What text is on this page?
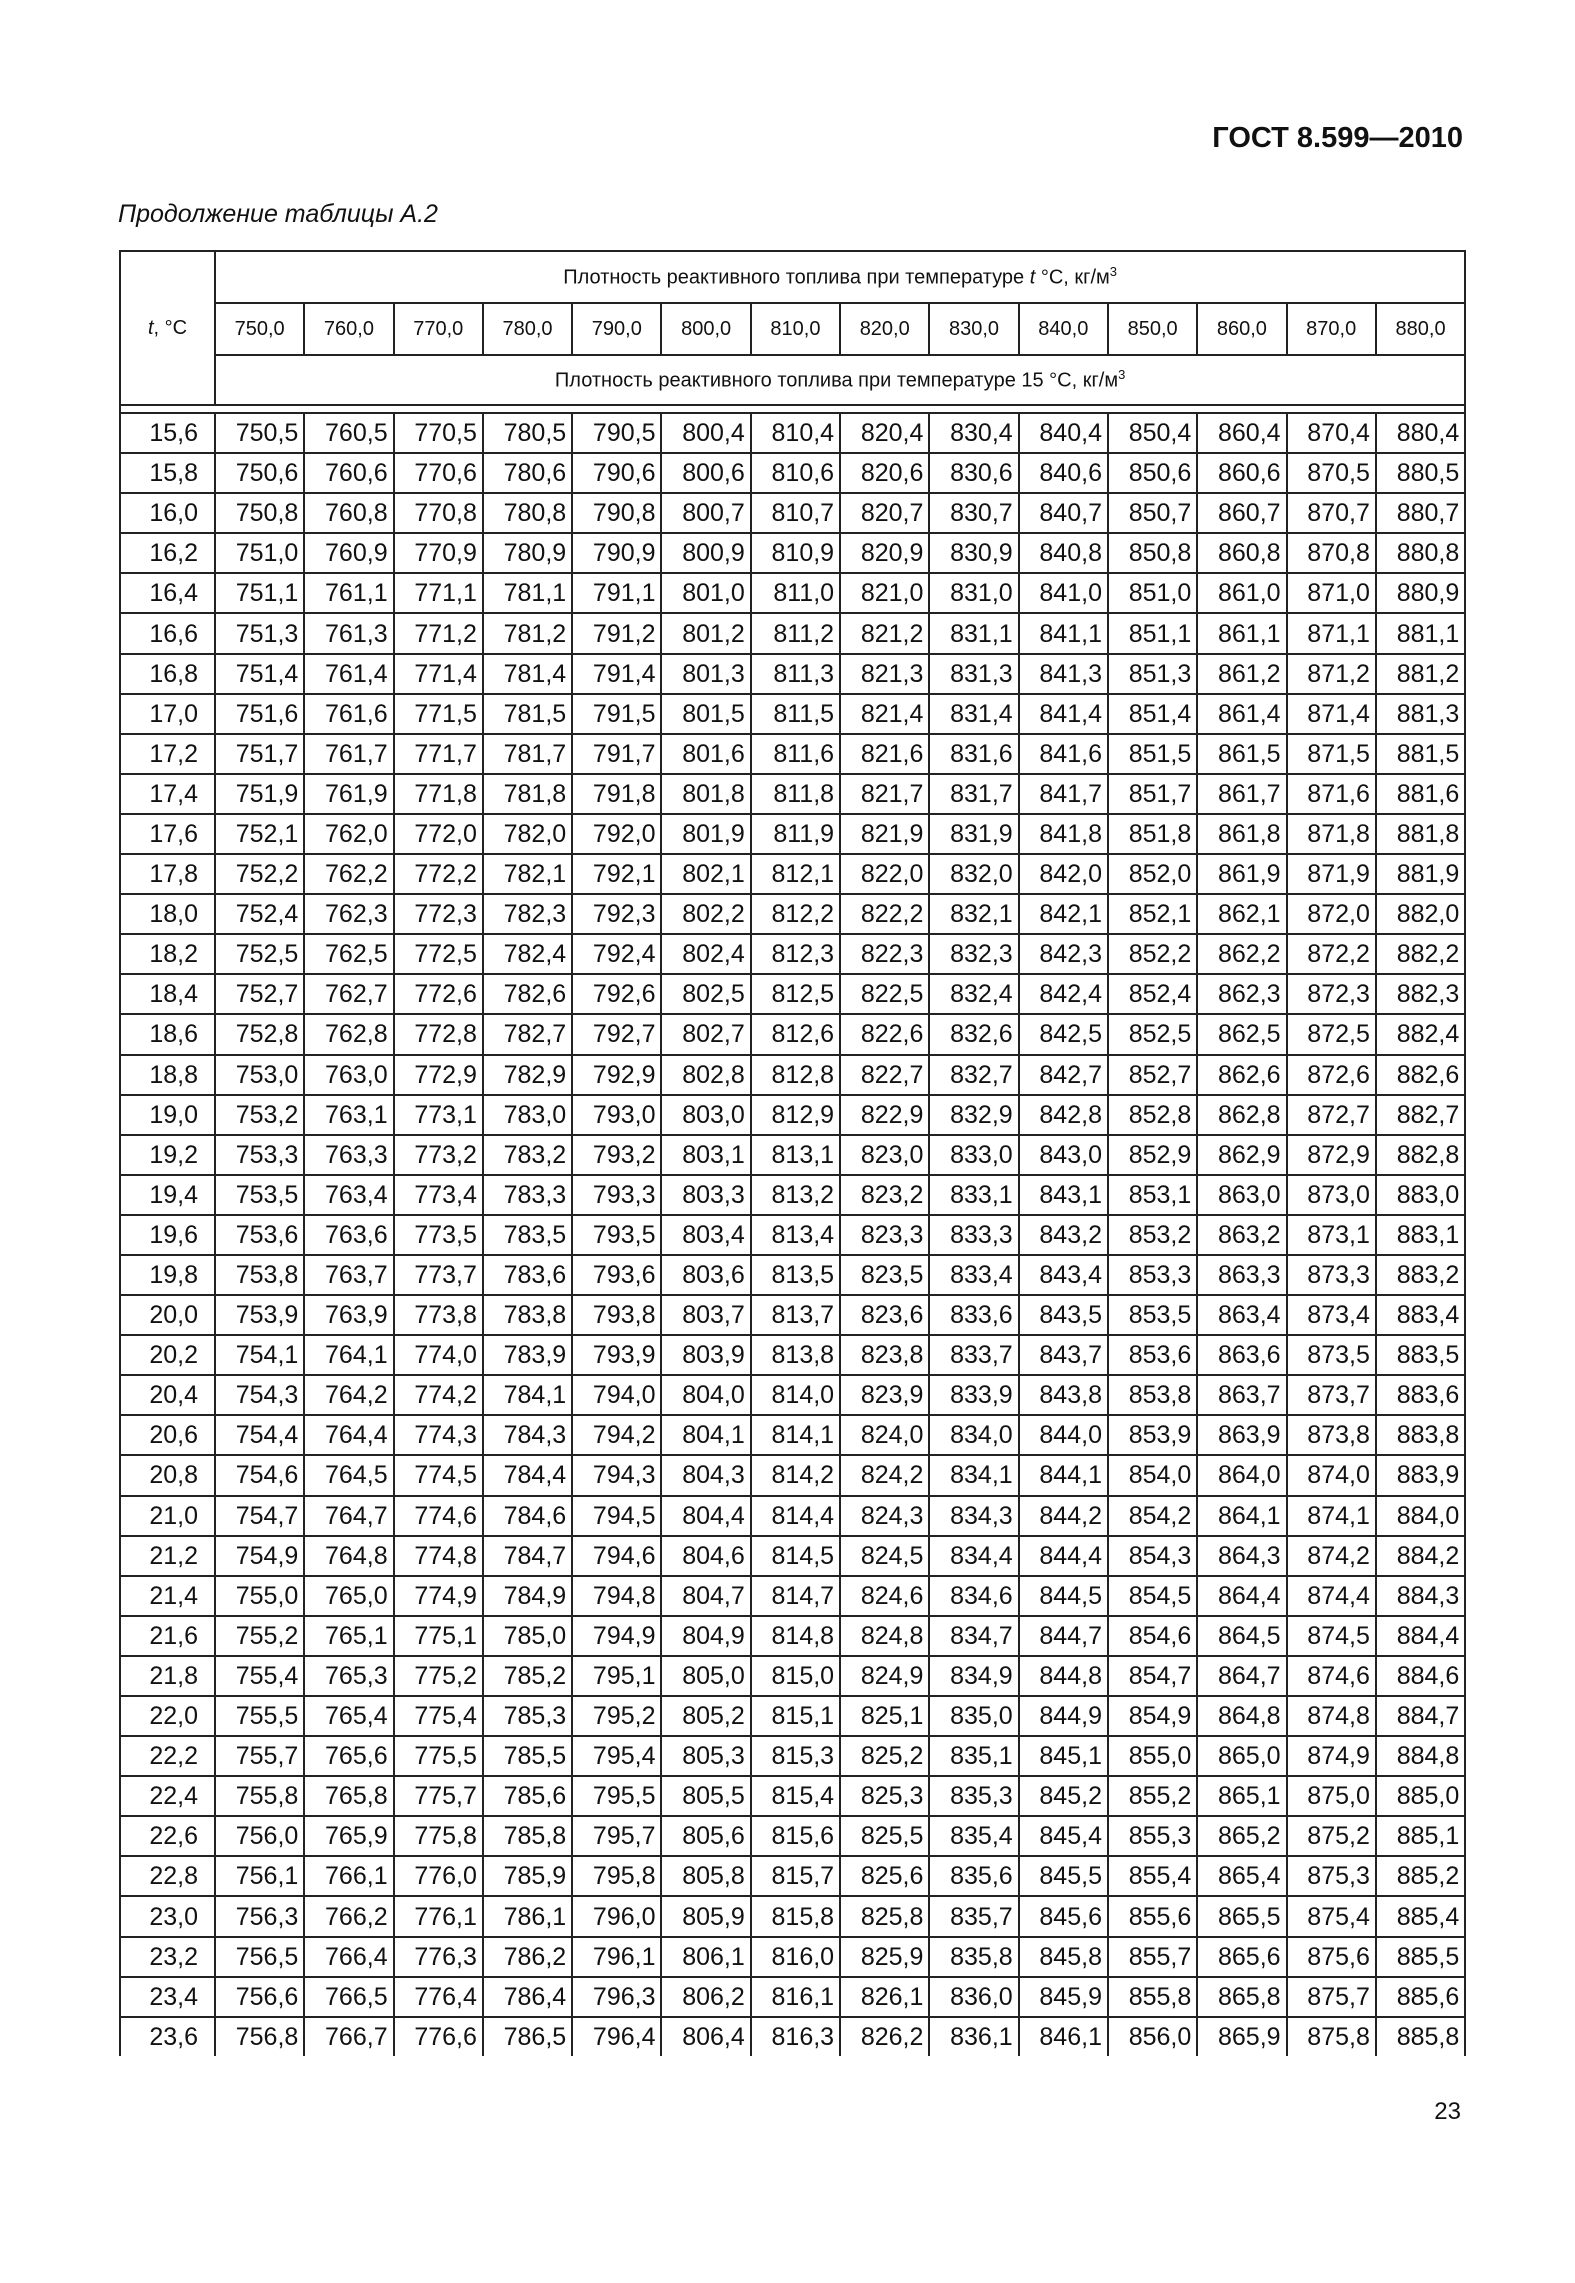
ГОСТ 8.599—2010
Продолжение таблицы А.2
t, °С	Плотность реактивного топлива при температуре t °С, $кг/м^3$
	750,0	760,0	770,0	780,0	790,0	800,0	810,0	820,0	830,0	840,0	850,0	860,0	870,0	880,0
	Плотность реактивного топлива при температуре 15 °С, $кг/м^3$

15,6	750,5	760,5	770,5	780,5	790,5	800,4	810,4	820,4	830,4	840,4	850,4	860,4	870,4	880,4
15,8	750,6	760,6	770,6	780,6	790,6	800,6	810,6	820,6	830,6	840,6	850,6	860,6	870,5	880,5
16,0	750,8	760,8	770,8	780,8	790,8	800,7	810,7	820,7	830,7	840,7	850,7	860,7	870,7	880,7
16,2	751,0	760,9	770,9	780,9	790,9	800,9	810,9	820,9	830,9	840,8	850,8	860,8	870,8	880,8
16,4	751,1	761,1	771,1	781,1	791,1	801,0	811,0	821,0	831,0	841,0	851,0	861,0	871,0	880,9
16,6	751,3	761,3	771,2	781,2	791,2	801,2	811,2	821,2	831,1	841,1	851,1	861,1	871,1	881,1
16,8	751,4	761,4	771,4	781,4	791,4	801,3	811,3	821,3	831,3	841,3	851,3	861,2	871,2	881,2
17,0	751,6	761,6	771,5	781,5	791,5	801,5	811,5	821,4	831,4	841,4	851,4	861,4	871,4	881,3
17,2	751,7	761,7	771,7	781,7	791,7	801,6	811,6	821,6	831,6	841,6	851,5	861,5	871,5	881,5
17,4	751,9	761,9	771,8	781,8	791,8	801,8	811,8	821,7	831,7	841,7	851,7	861,7	871,6	881,6
17,6	752,1	762,0	772,0	782,0	792,0	801,9	811,9	821,9	831,9	841,8	851,8	861,8	871,8	881,8
17,8	752,2	762,2	772,2	782,1	792,1	802,1	812,1	822,0	832,0	842,0	852,0	861,9	871,9	881,9
18,0	752,4	762,3	772,3	782,3	792,3	802,2	812,2	822,2	832,1	842,1	852,1	862,1	872,0	882,0
18,2	752,5	762,5	772,5	782,4	792,4	802,4	812,3	822,3	832,3	842,3	852,2	862,2	872,2	882,2
18,4	752,7	762,7	772,6	782,6	792,6	802,5	812,5	822,5	832,4	842,4	852,4	862,3	872,3	882,3
18,6	752,8	762,8	772,8	782,7	792,7	802,7	812,6	822,6	832,6	842,5	852,5	862,5	872,5	882,4
18,8	753,0	763,0	772,9	782,9	792,9	802,8	812,8	822,7	832,7	842,7	852,7	862,6	872,6	882,6
19,0	753,2	763,1	773,1	783,0	793,0	803,0	812,9	822,9	832,9	842,8	852,8	862,8	872,7	882,7
19,2	753,3	763,3	773,2	783,2	793,2	803,1	813,1	823,0	833,0	843,0	852,9	862,9	872,9	882,8
19,4	753,5	763,4	773,4	783,3	793,3	803,3	813,2	823,2	833,1	843,1	853,1	863,0	873,0	883,0
19,6	753,6	763,6	773,5	783,5	793,5	803,4	813,4	823,3	833,3	843,2	853,2	863,2	873,1	883,1
19,8	753,8	763,7	773,7	783,6	793,6	803,6	813,5	823,5	833,4	843,4	853,3	863,3	873,3	883,2
20,0	753,9	763,9	773,8	783,8	793,8	803,7	813,7	823,6	833,6	843,5	853,5	863,4	873,4	883,4
20,2	754,1	764,1	774,0	783,9	793,9	803,9	813,8	823,8	833,7	843,7	853,6	863,6	873,5	883,5
20,4	754,3	764,2	774,2	784,1	794,0	804,0	814,0	823,9	833,9	843,8	853,8	863,7	873,7	883,6
20,6	754,4	764,4	774,3	784,3	794,2	804,1	814,1	824,0	834,0	844,0	853,9	863,9	873,8	883,8
20,8	754,6	764,5	774,5	784,4	794,3	804,3	814,2	824,2	834,1	844,1	854,0	864,0	874,0	883,9
21,0	754,7	764,7	774,6	784,6	794,5	804,4	814,4	824,3	834,3	844,2	854,2	864,1	874,1	884,0
21,2	754,9	764,8	774,8	784,7	794,6	804,6	814,5	824,5	834,4	844,4	854,3	864,3	874,2	884,2
21,4	755,0	765,0	774,9	784,9	794,8	804,7	814,7	824,6	834,6	844,5	854,5	864,4	874,4	884,3
21,6	755,2	765,1	775,1	785,0	794,9	804,9	814,8	824,8	834,7	844,7	854,6	864,5	874,5	884,4
21,8	755,4	765,3	775,2	785,2	795,1	805,0	815,0	824,9	834,9	844,8	854,7	864,7	874,6	884,6
22,0	755,5	765,4	775,4	785,3	795,2	805,2	815,1	825,1	835,0	844,9	854,9	864,8	874,8	884,7
22,2	755,7	765,6	775,5	785,5	795,4	805,3	815,3	825,2	835,1	845,1	855,0	865,0	874,9	884,8
22,4	755,8	765,8	775,7	785,6	795,5	805,5	815,4	825,3	835,3	845,2	855,2	865,1	875,0	885,0
22,6	756,0	765,9	775,8	785,8	795,7	805,6	815,6	825,5	835,4	845,4	855,3	865,2	875,2	885,1
22,8	756,1	766,1	776,0	785,9	795,8	805,8	815,7	825,6	835,6	845,5	855,4	865,4	875,3	885,2
23,0	756,3	766,2	776,1	786,1	796,0	805,9	815,8	825,8	835,7	845,6	855,6	865,5	875,4	885,4
23,2	756,5	766,4	776,3	786,2	796,1	806,1	816,0	825,9	835,8	845,8	855,7	865,6	875,6	885,5
23,4	756,6	766,5	776,4	786,4	796,3	806,2	816,1	826,1	836,0	845,9	855,8	865,8	875,7	885,6
23,6	756,8	766,7	776,6	786,5	796,4	806,4	816,3	826,2	836,1	846,1	856,0	865,9	875,8	885,8
23
